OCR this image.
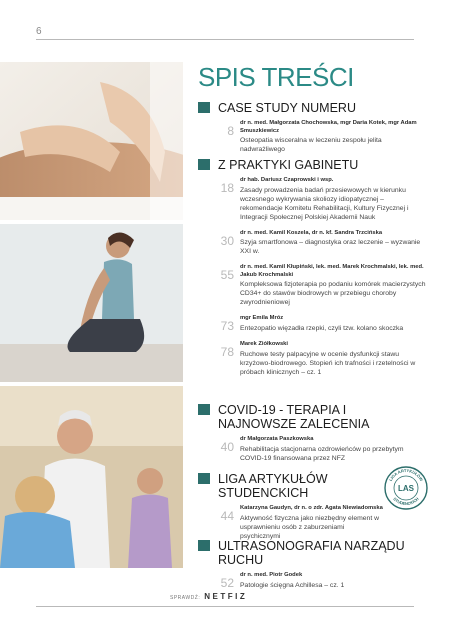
6
SPIS TREŚCI
CASE STUDY NUMERU
8
dr n. med. Małgorzata Chochowska, mgr Daria Kotek, mgr Adam Smuszkiewicz
Osteopatia wisceralna w leczeniu zespołu jelita nadwrażliwego
Z PRAKTYKI GABINETU
18
dr hab. Dariusz Czaprowski i wsp.
Zasady prowadzenia badań przesiewowych w kierunku wczesnego wykrywania skoliozy idiopatycznej – rekomendacje Komitetu Rehabilitacji, Kultury Fizycznej i Integracji Społecznej Polskiej Akademii Nauk
30
dr n. med. Kamil Koszela, dr n. kf. Sandra Trzcińska
Szyja smartfonowa – diagnostyka oraz leczenie – wyzwanie XXI w.
55
dr n. med. Kamil Kłupiński, lek. med. Marek Krochmalski, lek. med. Jakub Krochmalski
Kompleksowa fizjoterapia po podaniu komórek macierzystych CD34+ do stawów biodrowych w przebiegu choroby zwyrodnieniowej
73
mgr Emila Mróz
Entezopatio więzadła rzepki, czyli tzw. kolano skoczka
78
Marek Ziółkowski
Ruchowe testy palpacyjne w ocenie dysfunkcji stawu krzyżowo-biodrowego. Stopień ich trafności i rzetelności w próbach klinicznych – cz. 1
COVID-19 - TERAPIA I NAJNOWSZE ZALECENIA
40
dr Małgorzata Paszkowska
Rehabilitacja stacjonarna ozdrowieńców po przebytym COVID-19 finansowana przez NFZ
LIGA ARTYKUŁÓW STUDENCKICH
44
Katarzyna Gaudyn, dr n. o zdr. Agata Niewiadomska
Aktywność fizyczna jako niezbędny element w usprawnieniu osób z zaburzeniami psychicznymi
LIGA ARTYKUŁÓW
LAS
STUDENCKICH
ULTRASONOGRAFIA NARZĄDU RUCHU
52
dr n. med. Piotr Godek
Patologie ścięgna Achillesa – cz. 1
SPRAWDŹ: NETFIZ
